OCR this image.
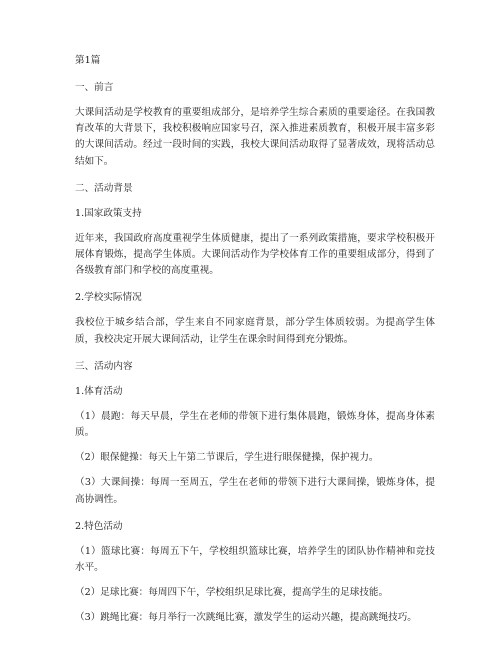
第1篇
一、前言

大课间活动是学校教育的重要组成部分，是培养学生综合素质的重要途径。在我国教育改革的大背景下，我校积极响应国家号召，深入推进素质教育，积极开展丰富多彩的大课间活动。经过一段时间的实践，我校大课间活动取得了显著成效，现将活动总结如下。

二、活动背景
1.国家政策支持

近年来，我国政府高度重视学生体质健康，提出了一系列政策措施，要求学校积极开展体育锻炼，提高学生体质。大课间活动作为学校体育工作的重要组成部分，得到了各级教育部门和学校的高度重视。

2.学校实际情况

我校位于城乡结合部，学生来自不同家庭背景，部分学生体质较弱。为提高学生体质，我校决定开展大课间活动，让学生在课余时间得到充分锻炼。

三、活动内容
1.体育活动

（1）晨跑：每天早晨，学生在老师的带领下进行集体晨跑，锻炼身体，提高身体素质。

（2）眼保健操：每天上午第二节课后，学生进行眼保健操，保护视力。

（3）大课间操：每周一至周五，学生在老师的带领下进行大课间操，锻炼身体，提高协调性。

2.特色活动

（1）篮球比赛：每周五下午，学校组织篮球比赛，培养学生的团队协作精神和竞技水平。

（2）足球比赛：每周四下午，学校组织足球比赛，提高学生的足球技能。

（3）跳绳比赛：每月举行一次跳绳比赛，激发学生的运动兴趣，提高跳绳技巧。
